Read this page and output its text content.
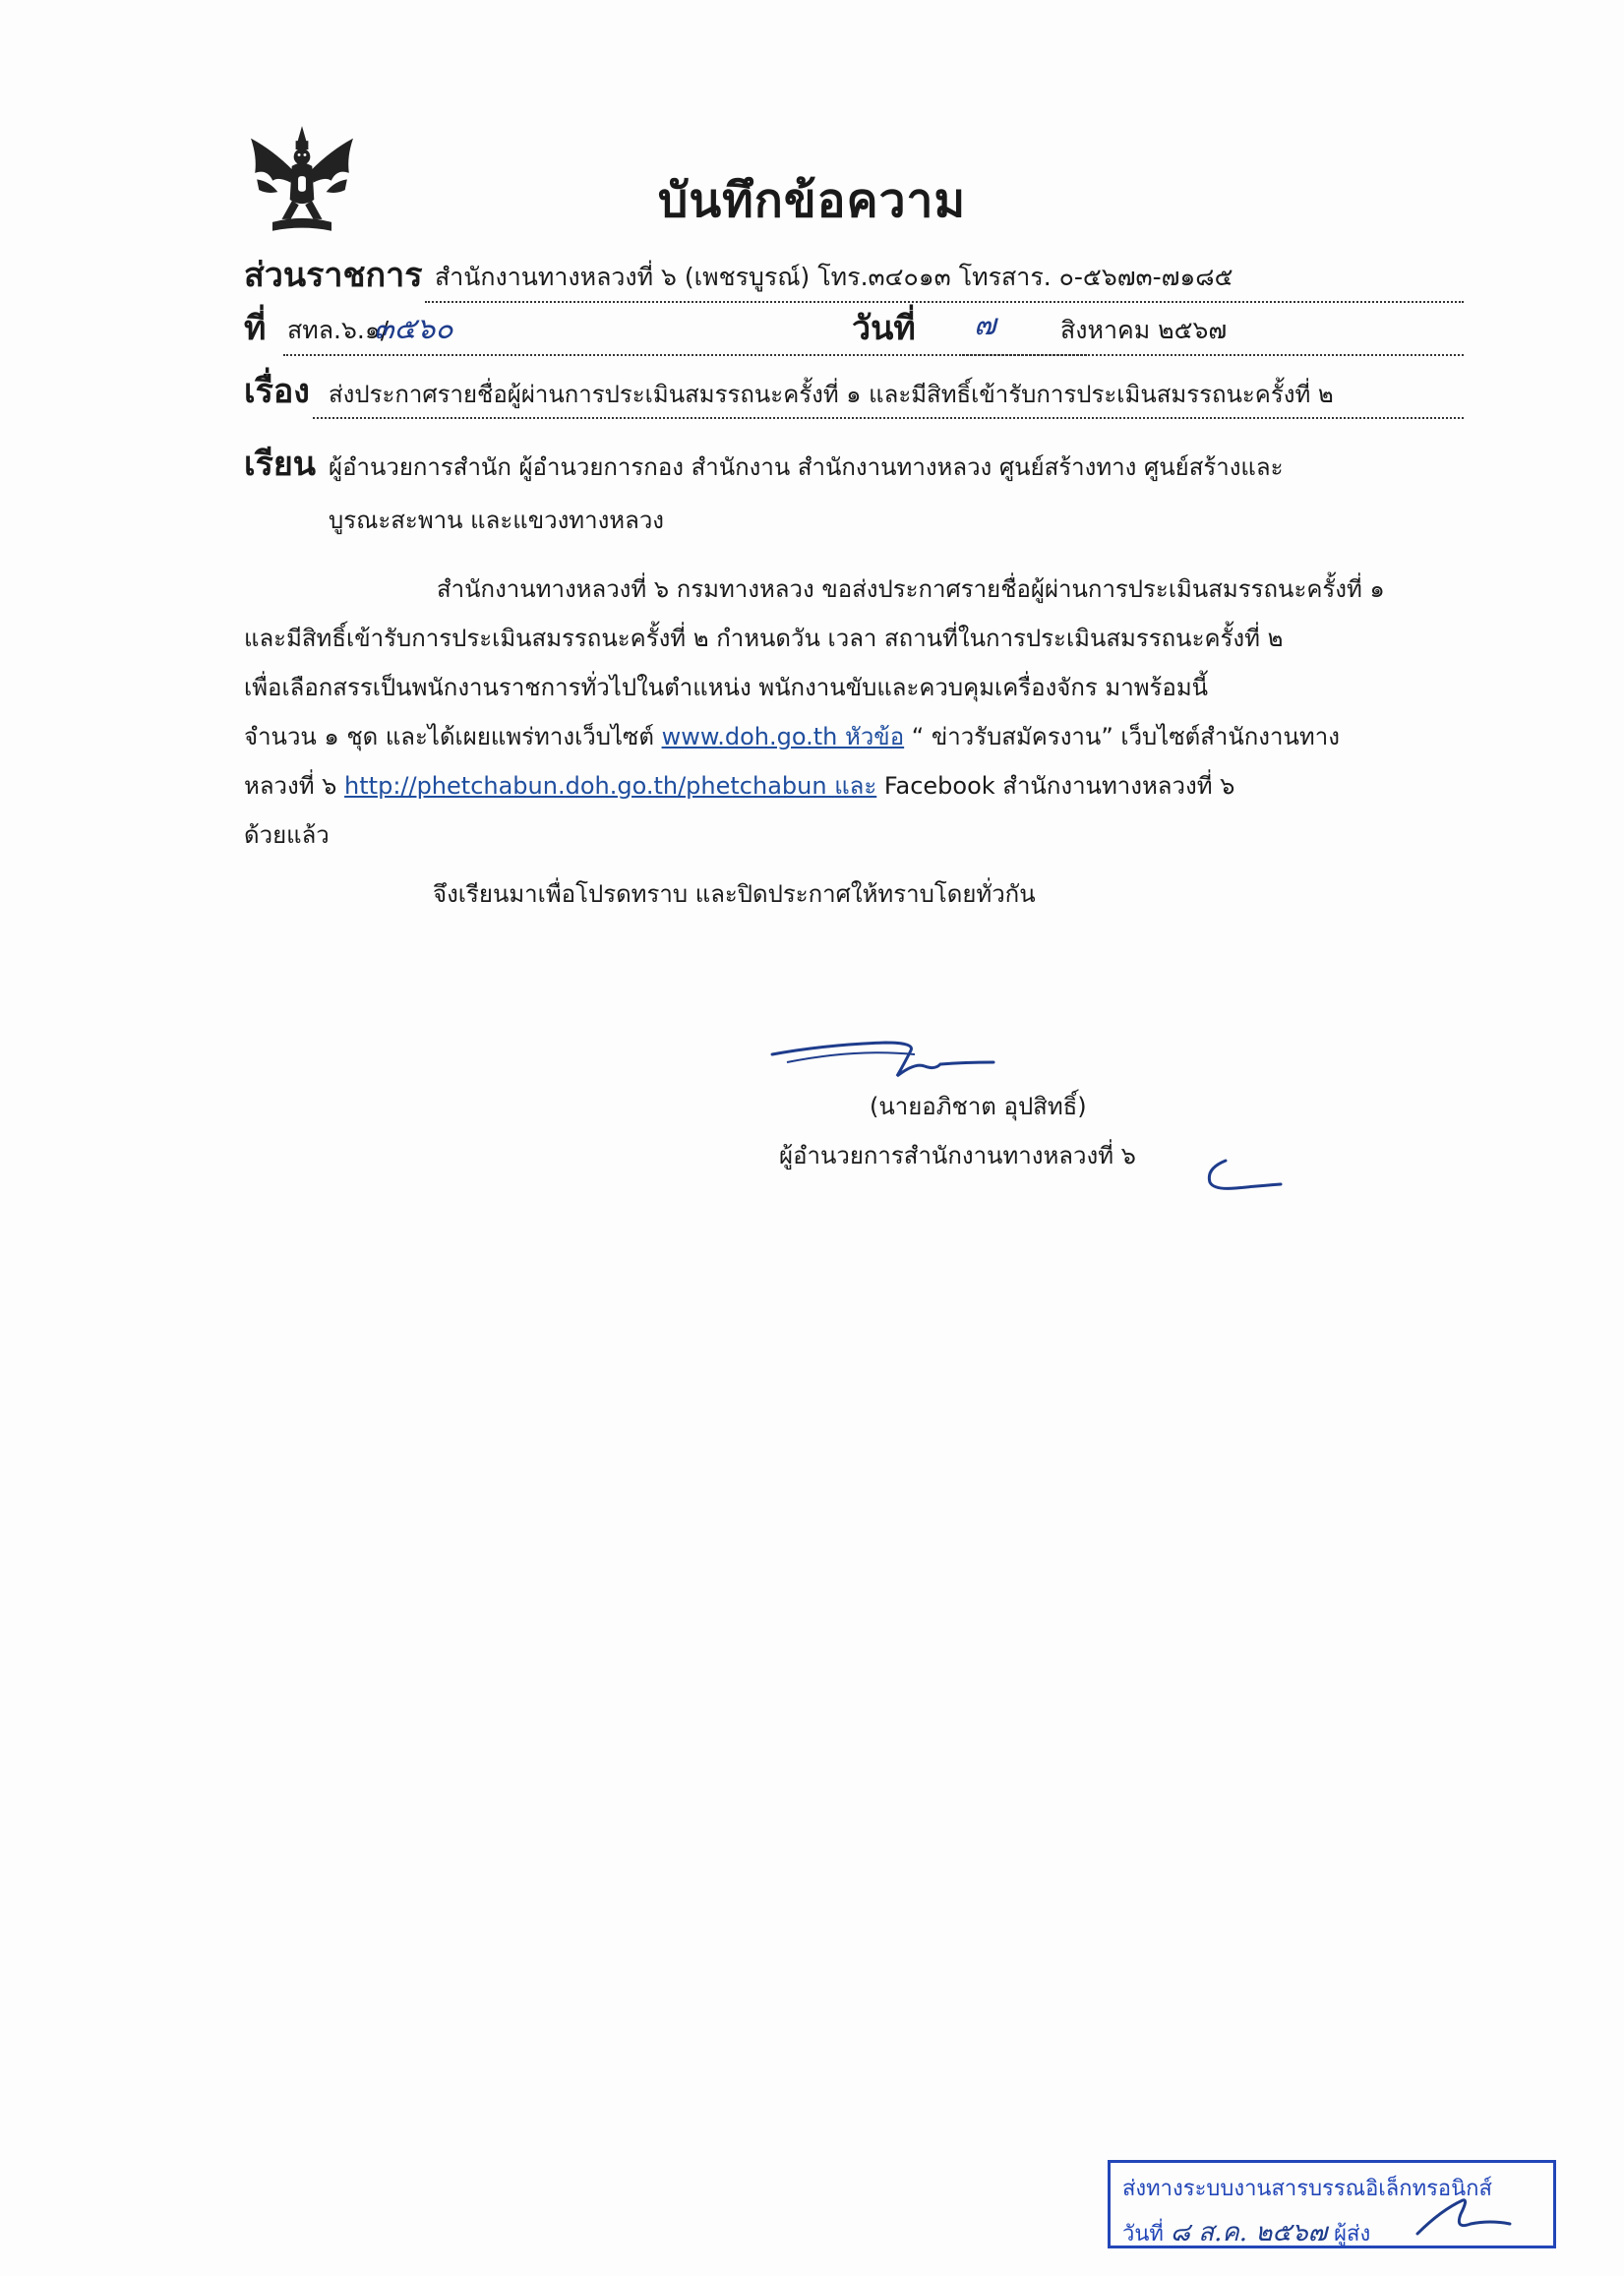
บันทึกข้อความ
ส่วนราชการ สำนักงานทางหลวงที่ ๖ (เพชรบูรณ์) โทร.๓๔๐๑๓ โทรสาร. ๐-๕๖๗๓-๗๑๘๕
ที่ สทล.๖.๑/
๓๕๖๐	วันที่ ๗	สิงหาคม ๒๕๖๗
เรื่อง ส่งประกาศรายชื่อผู้ผ่านการประเมินสมรรถนะครั้งที่ ๑ และมีสิทธิ์เข้ารับการประเมินสมรรถนะครั้งที่ ๒
เรียน ผู้อำนวยการสำนัก ผู้อำนวยการกอง สำนักงาน สำนักงานทางหลวง ศูนย์สร้างทาง ศูนย์สร้างและ
บูรณะสะพาน และแขวงทางหลวง
สำนักงานทางหลวงที่ ๖ กรมทางหลวง ขอส่งประกาศรายชื่อผู้ผ่านการประเมินสมรรถนะครั้งที่ ๑
และมีสิทธิ์เข้ารับการประเมินสมรรถนะครั้งที่ ๒ กำหนดวัน เวลา สถานที่ในการประเมินสมรรถนะครั้งที่ ๒
เพื่อเลือกสรรเป็นพนักงานราชการทั่วไปในตำแหน่ง พนักงานขับและควบคุมเครื่องจักร มาพร้อมนี้
จำนวน ๑ ชุด และได้เผยแพร่ทางเว็บไซต์ www.doh.go.th หัวข้อ “ ข่าวรับสมัครงาน” เว็บไซต์สำนักงานทาง
หลวงที่ ๖ http://phetchabun.doh.go.th/phetchabun และ Facebook สำนักงานทางหลวงที่ ๖
ด้วยแล้ว
จึงเรียนมาเพื่อโปรดทราบ และปิดประกาศให้ทราบโดยทั่วกัน
(นายอภิชาต อุปสิทธิ์)
ผู้อำนวยการสำนักงานทางหลวงที่ ๖
ส่งทางระบบงานสารบรรณอิเล็กทรอนิกส์
วันที่ ๘ ส.ค. ๒๕๖๗ ผู้ส่ง
